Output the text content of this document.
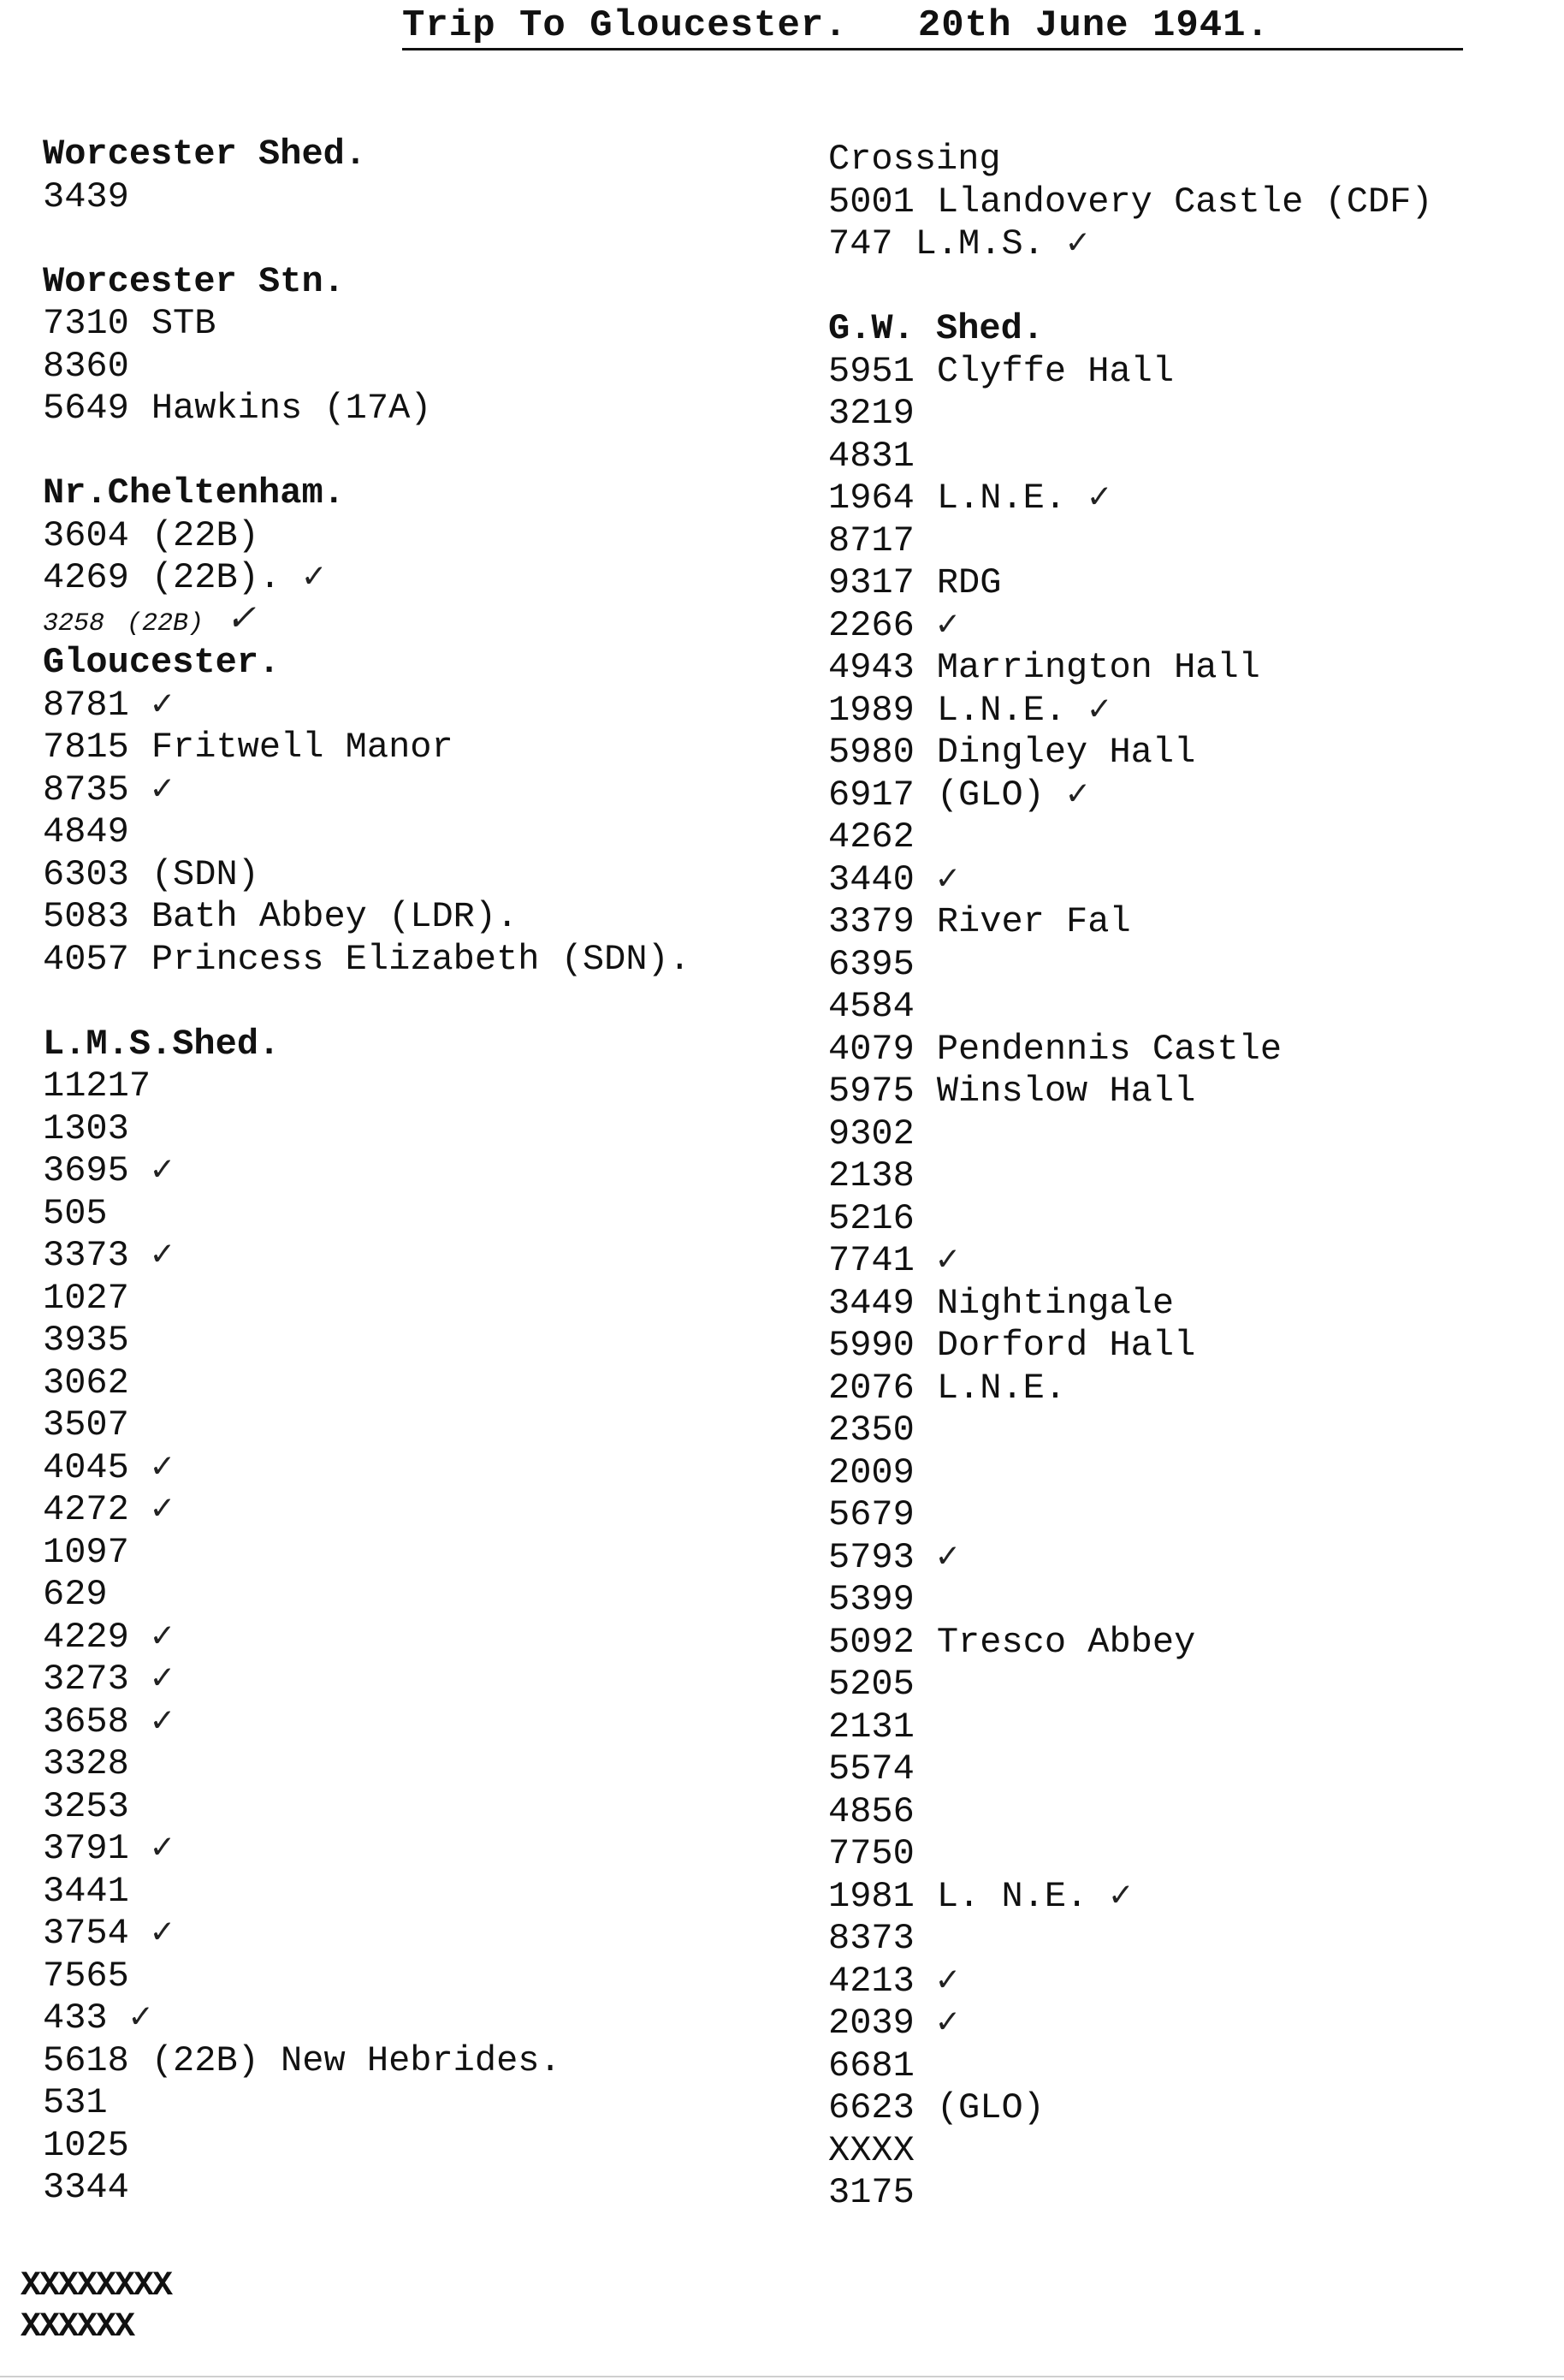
Trip To Gloucester.   20th June 1941.
Worcester Shed.
3439
Worcester Stn.
7310 STB
8360
5649 Hawkins (17A)
Nr.Cheltenham.
3604 (22B)
4269 (22B). ✓
3258 (22B) ✓
Gloucester.
8781 ✓
7815 Fritwell Manor
8735 ✓
4849
6303 (SDN)
5083 Bath Abbey (LDR).
4057 Princess Elizabeth (SDN).
L.M.S.Shed.
11217
1303
3695 ✓
505
3373 ✓
1027
3935
3062
3507
4045 ✓
4272 ✓
1097
629
4229 ✓
3273 ✓
3658 ✓
3328
3253
3791 ✓
3441
3754 ✓
7565
433 ✓
5618 (22B) New Hebrides.
531
1025
3344
Crossing
5001 Llandovery Castle (CDF)
747 L.M.S. ✓
G.W. Shed.
5951 Clyffe Hall
3219
4831
1964 L.N.E. ✓
8717
9317 RDG
2266 ✓
4943 Marrington Hall
1989 L.N.E. ✓
5980 Dingley Hall
6917 (GLO) ✓
4262
3440 ✓
3379 River Fal
6395
4584
4079 Pendennis Castle
5975 Winslow Hall
9302
2138
5216
7741 ✓
3449 Nightingale
5990 Dorford Hall
2076 L.N.E.
2350
2009
5679
5793 ✓
5399
5092 Tresco Abbey
5205
2131
5574
4856
7750
1981 L. N.E. ✓
8373
4213 ✓
2039 ✓
6681
6623 (GLO)
XXXX
3175
XXXXXXXX
XXXXXX
